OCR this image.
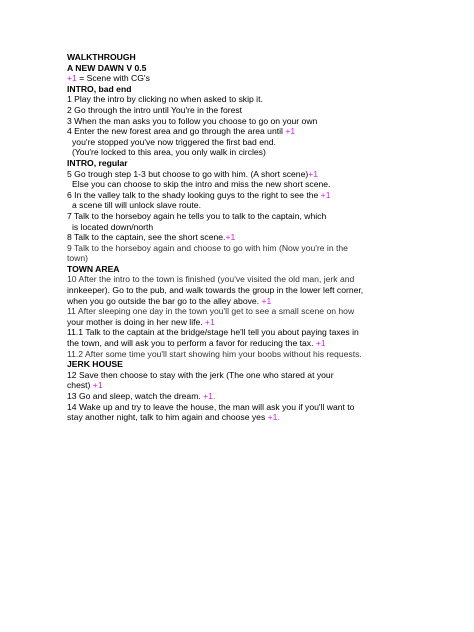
WALKTHROUGH
A NEW DAWN V 0.5
+1 = Scene with CG's
INTRO, bad end
1 Play the intro by clicking no when asked to skip it.
2 Go through the intro until You're in the forest
3 When the man asks you to follow you choose to go on your own
4 Enter the new forest area and go through the area until +1
you're stopped you've now triggered the first bad end.
(You're locked to this area, you only walk in circles)
INTRO, regular
5 Go trough step 1-3 but choose to go with him. (A short scene)+1
Else you can choose to skip the intro and miss the new short scene.
6 In the valley talk to the shady looking guys to the right to see the +1
a scene till will unlock slave route.
7 Talk to the horseboy again he tells you to talk to the captain, which
is located down/north
8 Talk to the captain, see the short scene.+1
9 Talk to the horseboy again and choose to go with him (Now you're in the
town)
TOWN AREA
10 After the intro to the town is finished (you've visited the old man, jerk and
innkeeper). Go to the pub, and walk towards the group in the lower left corner,
when you go outside the bar go to the alley above. +1
11 After sleeping one day in the town you'll get to see a small scene on how
your mother is doing in her new life. +1
11.1 Talk to the captain at the bridge/stage he'll tell you about paying taxes in
the town, and will ask you to perform a favor for reducing the tax. +1
11.2 After some time you'll start showing him your boobs without his requests.
JERK HOUSE
12 Save then choose to stay with the jerk (The one who stared at your
chest) +1
13 Go and sleep, watch the dream. +1.
14 Wake up and try to leave the house, the man will ask you if you'll want to
stay another night, talk to him again and choose yes +1.
